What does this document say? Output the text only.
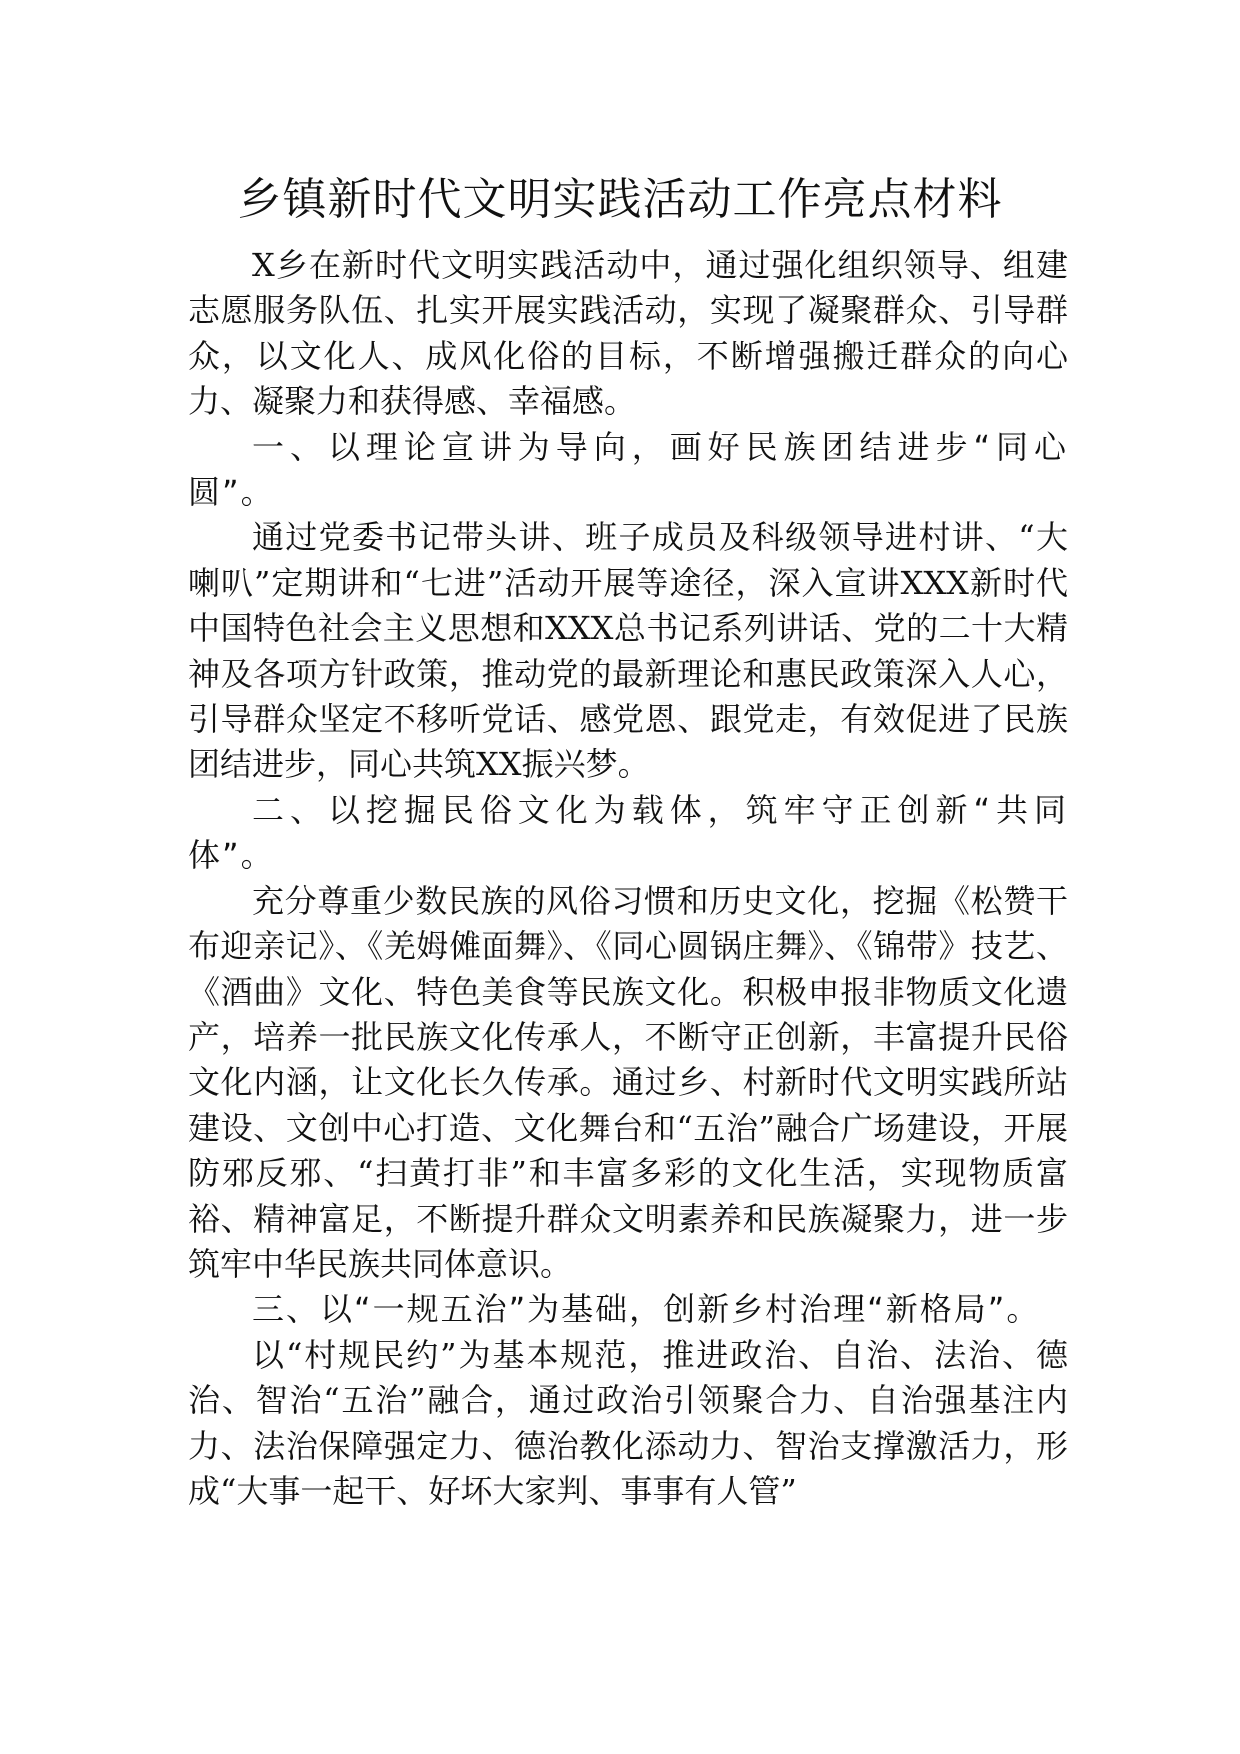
乡镇新时代文明实践活动工作亮点材料

X乡在新时代文明实践活动中，通过强化组织领导、组建志愿服务队伍、扎实开展实践活动，实现了凝聚群众、引导群众，以文化人、成风化俗的目标，不断增强搬迁群众的向心力、凝聚力和获得感、幸福感。

一、以理论宣讲为导向，画好民族团结进步“同心圆”。

通过党委书记带头讲、班子成员及科级领导进村讲、“大喇叭”定期讲和“七进”活动开展等途径，深入宣讲XXX新时代中国特色社会主义思想和XXX总书记系列讲话、党的二十大精神及各项方针政策，推动党的最新理论和惠民政策深入人心，引导群众坚定不移听党话、感党恩、跟党走，有效促进了民族团结进步，同心共筑XX振兴梦。

二、以挖掘民俗文化为载体，筑牢守正创新“共同体”。

充分尊重少数民族的风俗习惯和历史文化，挖掘《松赞干布迎亲记》、《羌姆傩面舞》、《同心圆锅庄舞》、《锦带》技艺、《酒曲》文化、特色美食等民族文化。积极申报非物质文化遗产，培养一批民族文化传承人，不断守正创新，丰富提升民俗文化内涵，让文化长久传承。通过乡、村新时代文明实践所站建设、文创中心打造、文化舞台和“五治”融合广场建设，开展防邪反邪、“扫黄打非”和丰富多彩的文化生活，实现物质富裕、精神富足，不断提升群众文明素养和民族凝聚力，进一步筑牢中华民族共同体意识。

三、以“一规五治”为基础，创新乡村治理“新格局”。

以“村规民约”为基本规范，推进政治、自治、法治、德治、智治“五治”融合，通过政治引领聚合力、自治强基注内力、法治保障强定力、德治教化添动力、智治支撑激活力，形成“大事一起干、好坏大家判、事事有人管”
